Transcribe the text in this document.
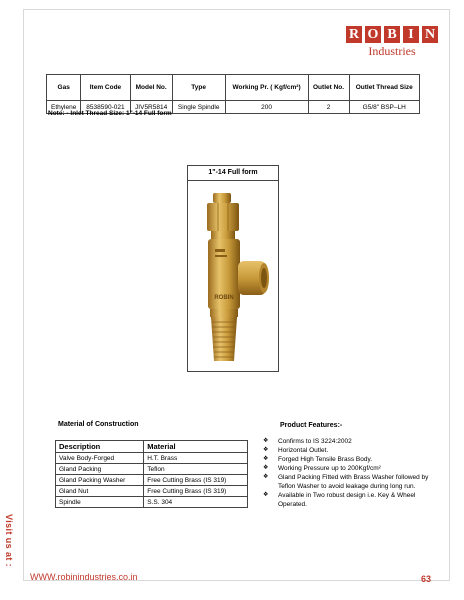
R O B I N
Industries
Gas	Item Code	Model No.	Type	Working Pr. ( Kgf/cm²)	Outlet No.	Outlet Thread Size
Ethylene	8538590-021	JIV5R5814	Single Spindle	200	2	G5/8" BSP–LH
Note: - Inlet Thread Size: 1"-14 Full form
1"-14 Full form
ROBIN
Material of Construction	Product Features:-
Description	Material
Valve Body-Forged	H.T. Brass
Gland Packing	Teflon
Gland Packing Washer	Free Cutting Brass (IS 319)
Gland Nut	Free Cutting Brass (IS 319)
Spindle	S.S. 304
❖ Confirms to IS 3224:2002
❖ Horizontal Outlet.
❖ Forged High Tensile Brass Body.
❖ Working Pressure up to 200Kgf/cm²
❖ Gland Packing Fitted with Brass Washer followed by Teflon Washer to avoid leakage during long run.
❖ Available in Two robust design i.e. Key & Wheel Operated.
Visit us at :
WWW.robinindustries.co.in	63
